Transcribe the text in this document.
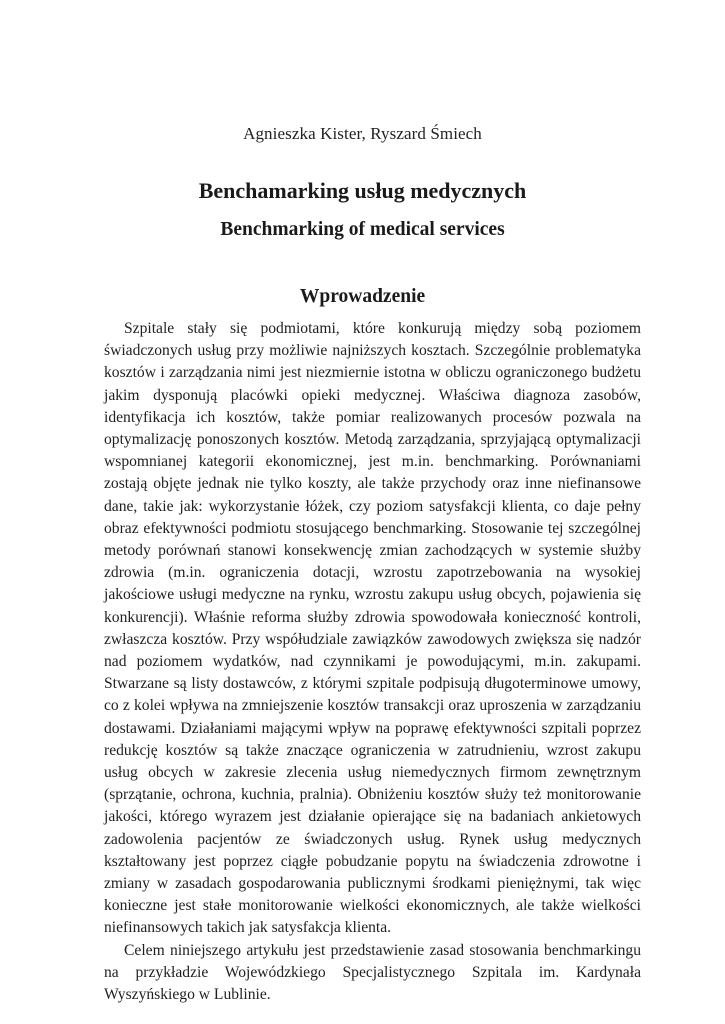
Agnieszka Kister, Ryszard Śmiech
Benchamarking usług medycznych
Benchmarking of medical services
Wprowadzenie

Szpitale stały się podmiotami, które konkurują między sobą poziomem świadczonych usług przy możliwie najniższych kosztach. Szczególnie problematyka kosztów i zarządzania nimi jest niezmiernie istotna w obliczu ograniczonego budżetu jakim dysponują placówki opieki medycznej. Właściwa diagnoza zasobów, identyfikacja ich kosztów, także pomiar realizowanych procesów pozwala na optymalizację ponoszonych kosztów. Metodą zarządzania, sprzyjającą optymalizacji wspomnianej kategorii ekonomicznej, jest m.in. benchmarking. Porównaniami zostają objęte jednak nie tylko koszty, ale także przychody oraz inne niefinansowe dane, takie jak: wykorzystanie łóżek, czy poziom satysfakcji klienta, co daje pełny obraz efektywności podmiotu stosującego benchmarking. Stosowanie tej szczególnej metody porównań stanowi konsekwencję zmian zachodzących w systemie służby zdrowia (m.in. ograniczenia dotacji, wzrostu zapotrzebowania na wysokiej jakościowe usługi medyczne na rynku, wzrostu zakupu usług obcych, pojawienia się konkurencji). Właśnie reforma służby zdrowia spowodowała konieczność kontroli, zwłaszcza kosztów. Przy współudziale zawiązków zawodowych zwiększa się nadzór nad poziomem wydatków, nad czynnikami je powodującymi, m.in. zakupami. Stwarzane są listy dostawców, z którymi szpitale podpisują długoterminowe umowy, co z kolei wpływa na zmniejszenie kosztów transakcji oraz uproszenia w zarządzaniu dostawami. Działaniami mającymi wpływ na poprawę efektywności szpitali poprzez redukcję kosztów są także znaczące ograniczenia w zatrudnieniu, wzrost zakupu usług obcych w zakresie zlecenia usług niemedycznych firmom zewnętrznym (sprzątanie, ochrona, kuchnia, pralnia). Obniżeniu kosztów służy też monitorowanie jakości, którego wyrazem jest działanie opierające się na badaniach ankietowych zadowolenia pacjentów ze świadczonych usług. Rynek usług medycznych kształtowany jest poprzez ciągłe pobudzanie popytu na świadczenia zdrowotne i zmiany w zasadach gospodarowania publicznymi środkami pieniężnymi, tak więc konieczne jest stałe monitorowanie wielkości ekonomicznych, ale także wielkości niefinansowych takich jak satysfakcja klienta.

Celem niniejszego artykułu jest przedstawienie zasad stosowania benchmarkingu na przykładzie Wojewódzkiego Specjalistycznego Szpitala im. Kardynała Wyszyńskiego w Lublinie.
